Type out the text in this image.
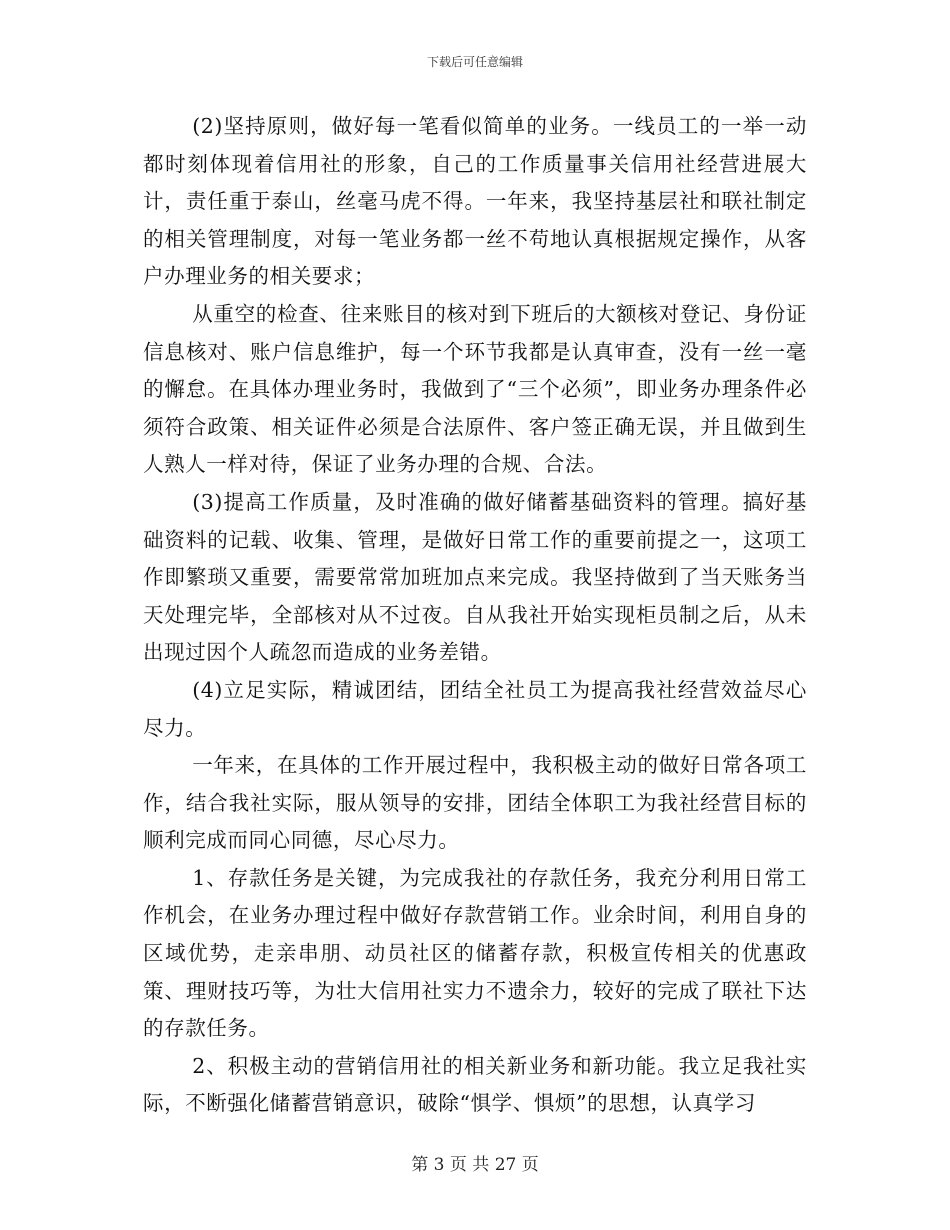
下载后可任意编辑

(2)坚持原则，做好每一笔看似简单的业务。一线员工的一举一动都时刻体现着信用社的形象，自己的工作质量事关信用社经营进展大计，责任重于泰山，丝毫马虎不得。一年来，我坚持基层社和联社制定的相关管理制度，对每一笔业务都一丝不苟地认真根据规定操作，从客户办理业务的相关要求；

从重空的检查、往来账目的核对到下班后的大额核对登记、身份证信息核对、账户信息维护，每一个环节我都是认真审查，没有一丝一毫的懈怠。在具体办理业务时，我做到了“三个必须”，即业务办理条件必须符合政策、相关证件必须是合法原件、客户签正确无误，并且做到生人熟人一样对待，保证了业务办理的合规、合法。

(3)提高工作质量，及时准确的做好储蓄基础资料的管理。搞好基础资料的记载、收集、管理，是做好日常工作的重要前提之一，这项工作即繁琐又重要，需要常常加班加点来完成。我坚持做到了当天账务当天处理完毕，全部核对从不过夜。自从我社开始实现柜员制之后，从未出现过因个人疏忽而造成的业务差错。

(4)立足实际，精诚团结，团结全社员工为提高我社经营效益尽心尽力。

一年来，在具体的工作开展过程中，我积极主动的做好日常各项工作，结合我社实际，服从领导的安排，团结全体职工为我社经营目标的顺利完成而同心同德，尽心尽力。

1、存款任务是关键，为完成我社的存款任务，我充分利用日常工作机会，在业务办理过程中做好存款营销工作。业余时间，利用自身的区域优势，走亲串朋、动员社区的储蓄存款，积极宣传相关的优惠政策、理财技巧等，为壮大信用社实力不遗余力，较好的完成了联社下达的存款任务。

2、积极主动的营销信用社的相关新业务和新功能。我立足我社实际，不断强化储蓄营销意识，破除“惧学、惧烦”的思想，认真学习

第 3 页 共 27 页
